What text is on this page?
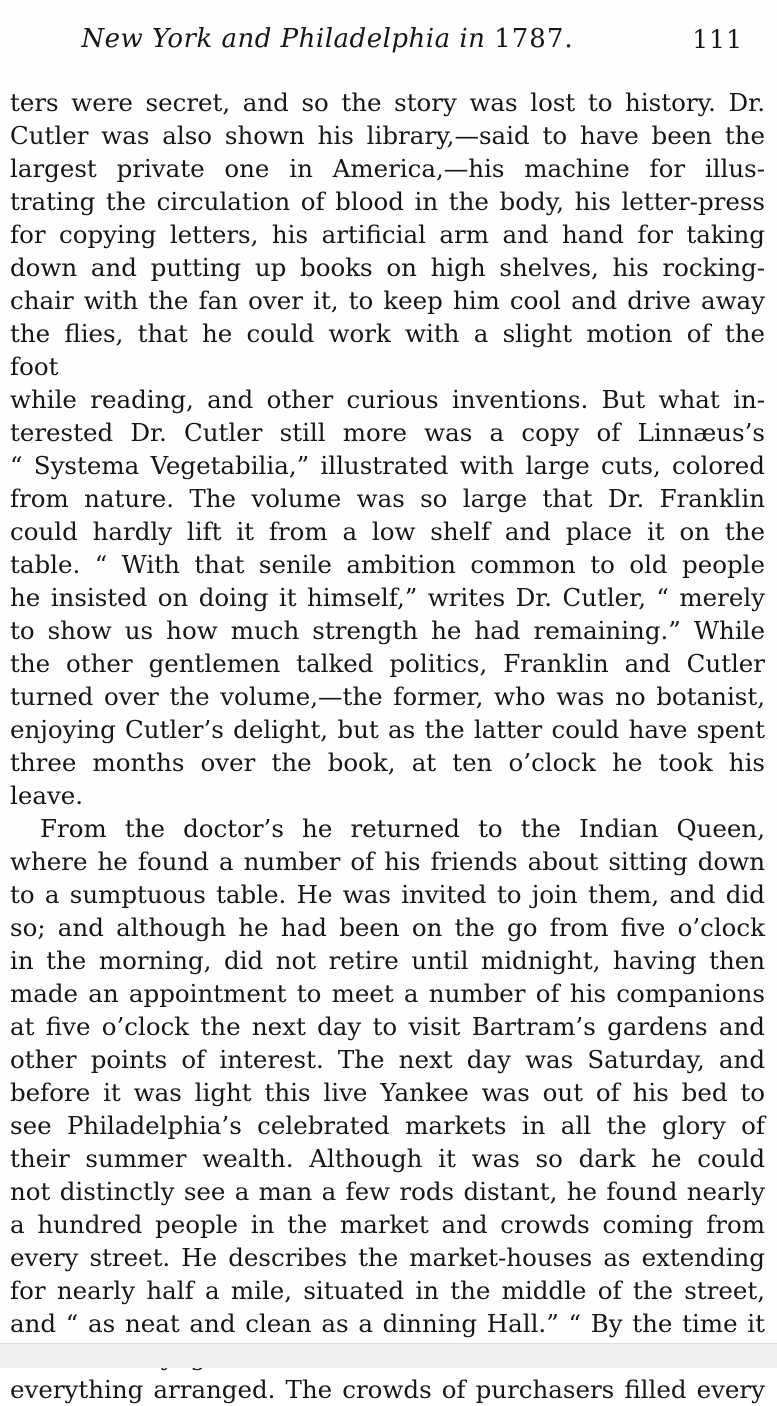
New York and Philadelphia in 1787.	111
ters were secret, and so the story was lost to history. Dr.
Cutler was also shown his library,—said to have been the
largest private one in America,—his machine for illus-
trating the circulation of blood in the body, his letter-press
for copying letters, his artificial arm and hand for taking
down and putting up books on high shelves, his rocking-
chair with the fan over it, to keep him cool and drive away
the flies, that he could work with a slight motion of the foot
while reading, and other curious inventions. But what in-
terested Dr. Cutler still more was a copy of Linnæus’s
“ Systema Vegetabilia,” illustrated with large cuts, colored
from nature. The volume was so large that Dr. Franklin
could hardly lift it from a low shelf and place it on the
table. “ With that senile ambition common to old people
he insisted on doing it himself,” writes Dr. Cutler, “ merely
to show us how much strength he had remaining.” While
the other gentlemen talked politics, Franklin and Cutler
turned over the volume,—the former, who was no botanist,
enjoying Cutler’s delight, but as the latter could have spent
three months over the book, at ten o’clock he took his leave.
From the doctor’s he returned to the Indian Queen,
where he found a number of his friends about sitting down
to a sumptuous table. He was invited to join them, and did
so; and although he had been on the go from five o’clock
in the morning, did not retire until midnight, having then
made an appointment to meet a number of his companions
at five o’clock the next day to visit Bartram’s gardens and
other points of interest. The next day was Saturday, and
before it was light this live Yankee was out of his bed to
see Philadelphia’s celebrated markets in all the glory of
their summer wealth. Although it was so dark he could
not distinctly see a man a few rods distant, he found nearly
a hundred people in the market and crowds coming from
every street. He describes the market-houses as extending
for nearly half a mile, situated in the middle of the street,
and “ as neat and clean as a dinning Hall.” “ By the time it
everything arranged. The crowds of purchasers filled every
